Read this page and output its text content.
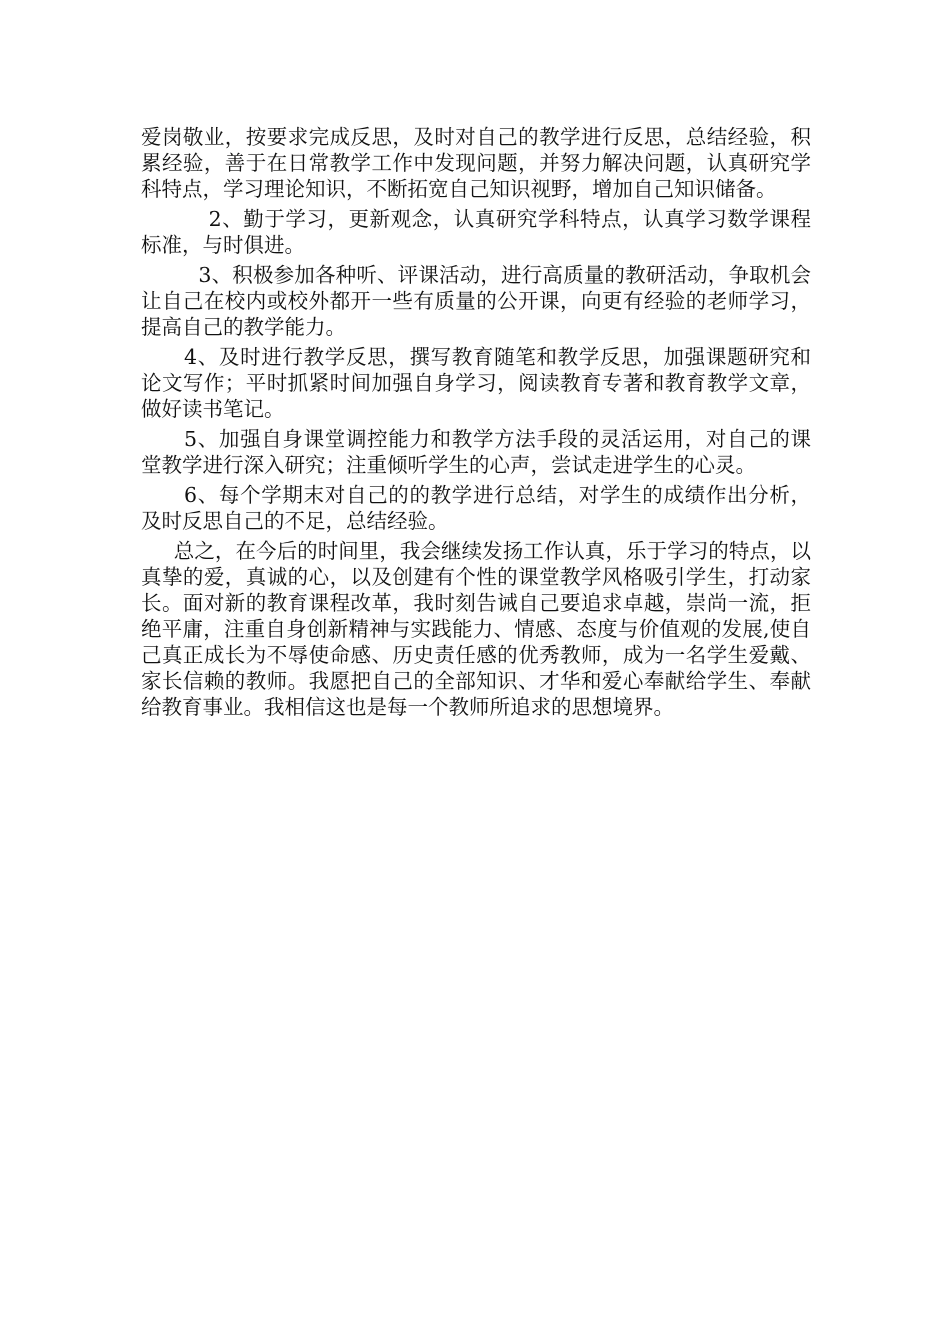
爱岗敬业，按要求完成反思，及时对自己的教学进行反思，总结经验，积累经验，善于在日常教学工作中发现问题，并努力解决问题，认真研究学科特点，学习理论知识，不断拓宽自己知识视野，增加自己知识储备。

2、勤于学习，更新观念，认真研究学科特点，认真学习数学课程标准，与时俱进。

3、积极参加各种听、评课活动，进行高质量的教研活动，争取机会让自己在校内或校外都开一些有质量的公开课，向更有经验的老师学习，提高自己的教学能力。

4、及时进行教学反思，撰写教育随笔和教学反思，加强课题研究和论文写作；平时抓紧时间加强自身学习，阅读教育专著和教育教学文章，做好读书笔记。

5、加强自身课堂调控能力和教学方法手段的灵活运用，对自己的课堂教学进行深入研究；注重倾听学生的心声，尝试走进学生的心灵。

6、每个学期末对自己的的教学进行总结，对学生的成绩作出分析，及时反思自己的不足，总结经验。

总之，在今后的时间里，我会继续发扬工作认真，乐于学习的特点，以真挚的爱，真诚的心，以及创建有个性的课堂教学风格吸引学生，打动家长。面对新的教育课程改革，我时刻告诫自己要追求卓越，崇尚一流，拒绝平庸，注重自身创新精神与实践能力、情感、态度与价值观的发展,使自己真正成长为不辱使命感、历史责任感的优秀教师，成为一名学生爱戴、家长信赖的教师。我愿把自己的全部知识、才华和爱心奉献给学生、奉献给教育事业。我相信这也是每一个教师所追求的思想境界。
